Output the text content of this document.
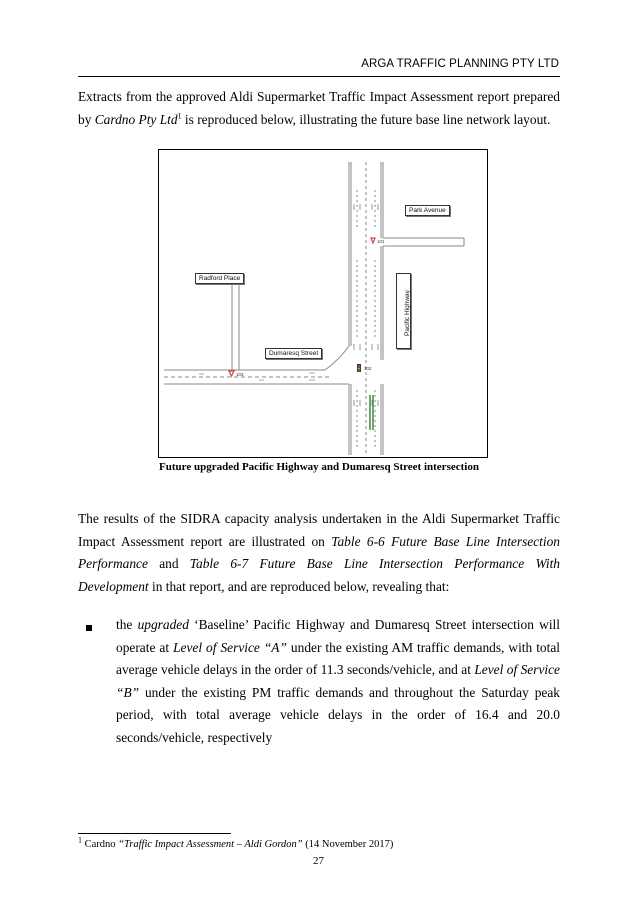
ARGA TRAFFIC PLANNING PTY LTD
Extracts from the approved Aldi Supermarket Traffic Impact Assessment report prepared by Cardno Pty Ltd$^1$ is reproduced below, illustrating the future base line network layout.
101
103
102
Park Avenue
Radford Place
Dumaresq Street
Pacific Highway
Future upgraded Pacific Highway and Dumaresq Street intersection
The results of the SIDRA capacity analysis undertaken in the Aldi Supermarket Traffic Impact Assessment report are illustrated on Table 6-6 Future Base Line Intersection Performance and Table 6-7 Future Base Line Intersection Performance With Development in that report, and are reproduced below, revealing that:
the upgraded ‘Baseline’ Pacific Highway and Dumaresq Street intersection will operate at Level of Service “A” under the existing AM traffic demands, with total average vehicle delays in the order of 11.3 seconds/vehicle, and at Level of Service “B” under the existing PM traffic demands and throughout the Saturday peak period, with total average vehicle delays in the order of 16.4 and 20.0 seconds/vehicle, respectively
$^1$ Cardno “Traffic Impact Assessment – Aldi Gordon” (14 November 2017)
27
